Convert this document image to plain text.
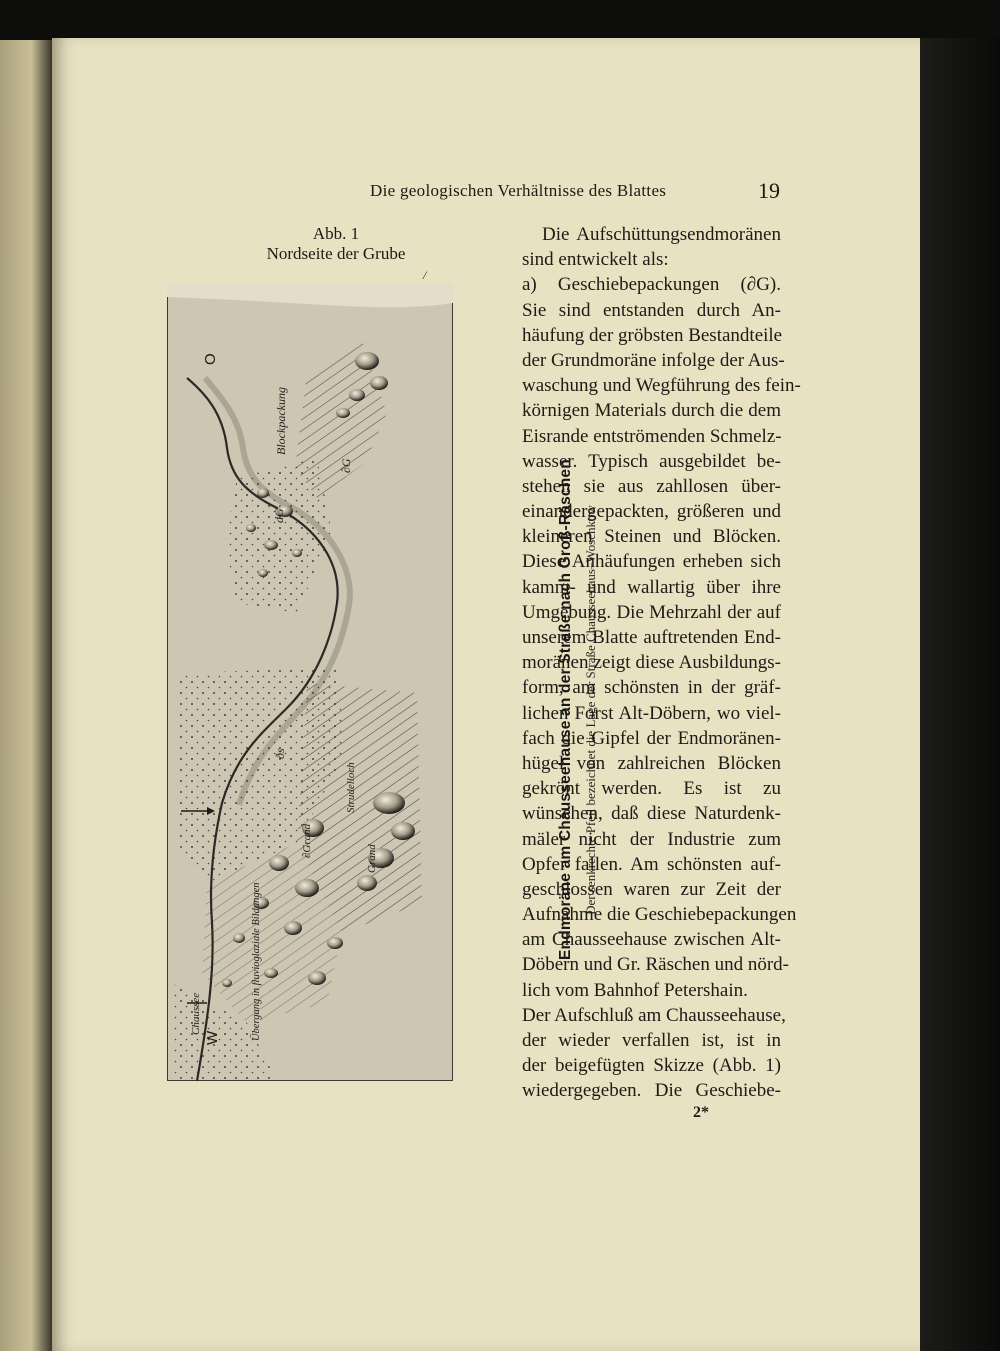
Die geologischen Verhältnisse des Blattes	19
Abb. 1
Nordseite der Grube
/
O
W
Chaussee
Blockpackung
∂G
dG
ðs
Strudelloch
Grand
∂Grand
Übergang in fluvioglaziale Bildungen
Endmoräne am Chausseehause an der Straße nach Groß-Räschen Der senkrechte Pfeil bezeichnet die Lage der Straße Chausseehaus–Woschkow
Die Aufschüttungsendmoränen
sind entwickelt als:
a) Geschiebepackungen (∂G).
Sie sind entstanden durch An-
häufung der gröbsten Bestandteile
der Grundmoräne infolge der Aus-
waschung und Wegführung des fein-
körnigen Materials durch die dem
Eisrande entströmenden Schmelz-
wasser. Typisch ausgebildet be-
stehen sie aus zahllosen über-
einandergepackten, größeren und
kleineren Steinen und Blöcken.
Diese Anhäufungen erheben sich
kamm- und wallartig über ihre
Umgebung. Die Mehrzahl der auf
unserem Blatte auftretenden End-
moränen zeigt diese Ausbildungs-
form, am schönsten in der gräf-
lichen Forst Alt-Döbern, wo viel-
fach die Gipfel der Endmoränen-
hügel von zahlreichen Blöcken
gekrönt werden. Es ist zu
wünschen, daß diese Naturdenk-
mäler nicht der Industrie zum
Opfer fallen. Am schönsten auf-
geschlossen waren zur Zeit der
Aufnahme die Geschiebepackungen
am Chausseehause zwischen Alt-
Döbern und Gr. Räschen und nörd-
lich vom Bahnhof Petershain.
Der Aufschluß am Chausseehause,
der wieder verfallen ist, ist in
der beigefügten Skizze (Abb. 1)
wiedergegeben. Die Geschiebe-
2*
